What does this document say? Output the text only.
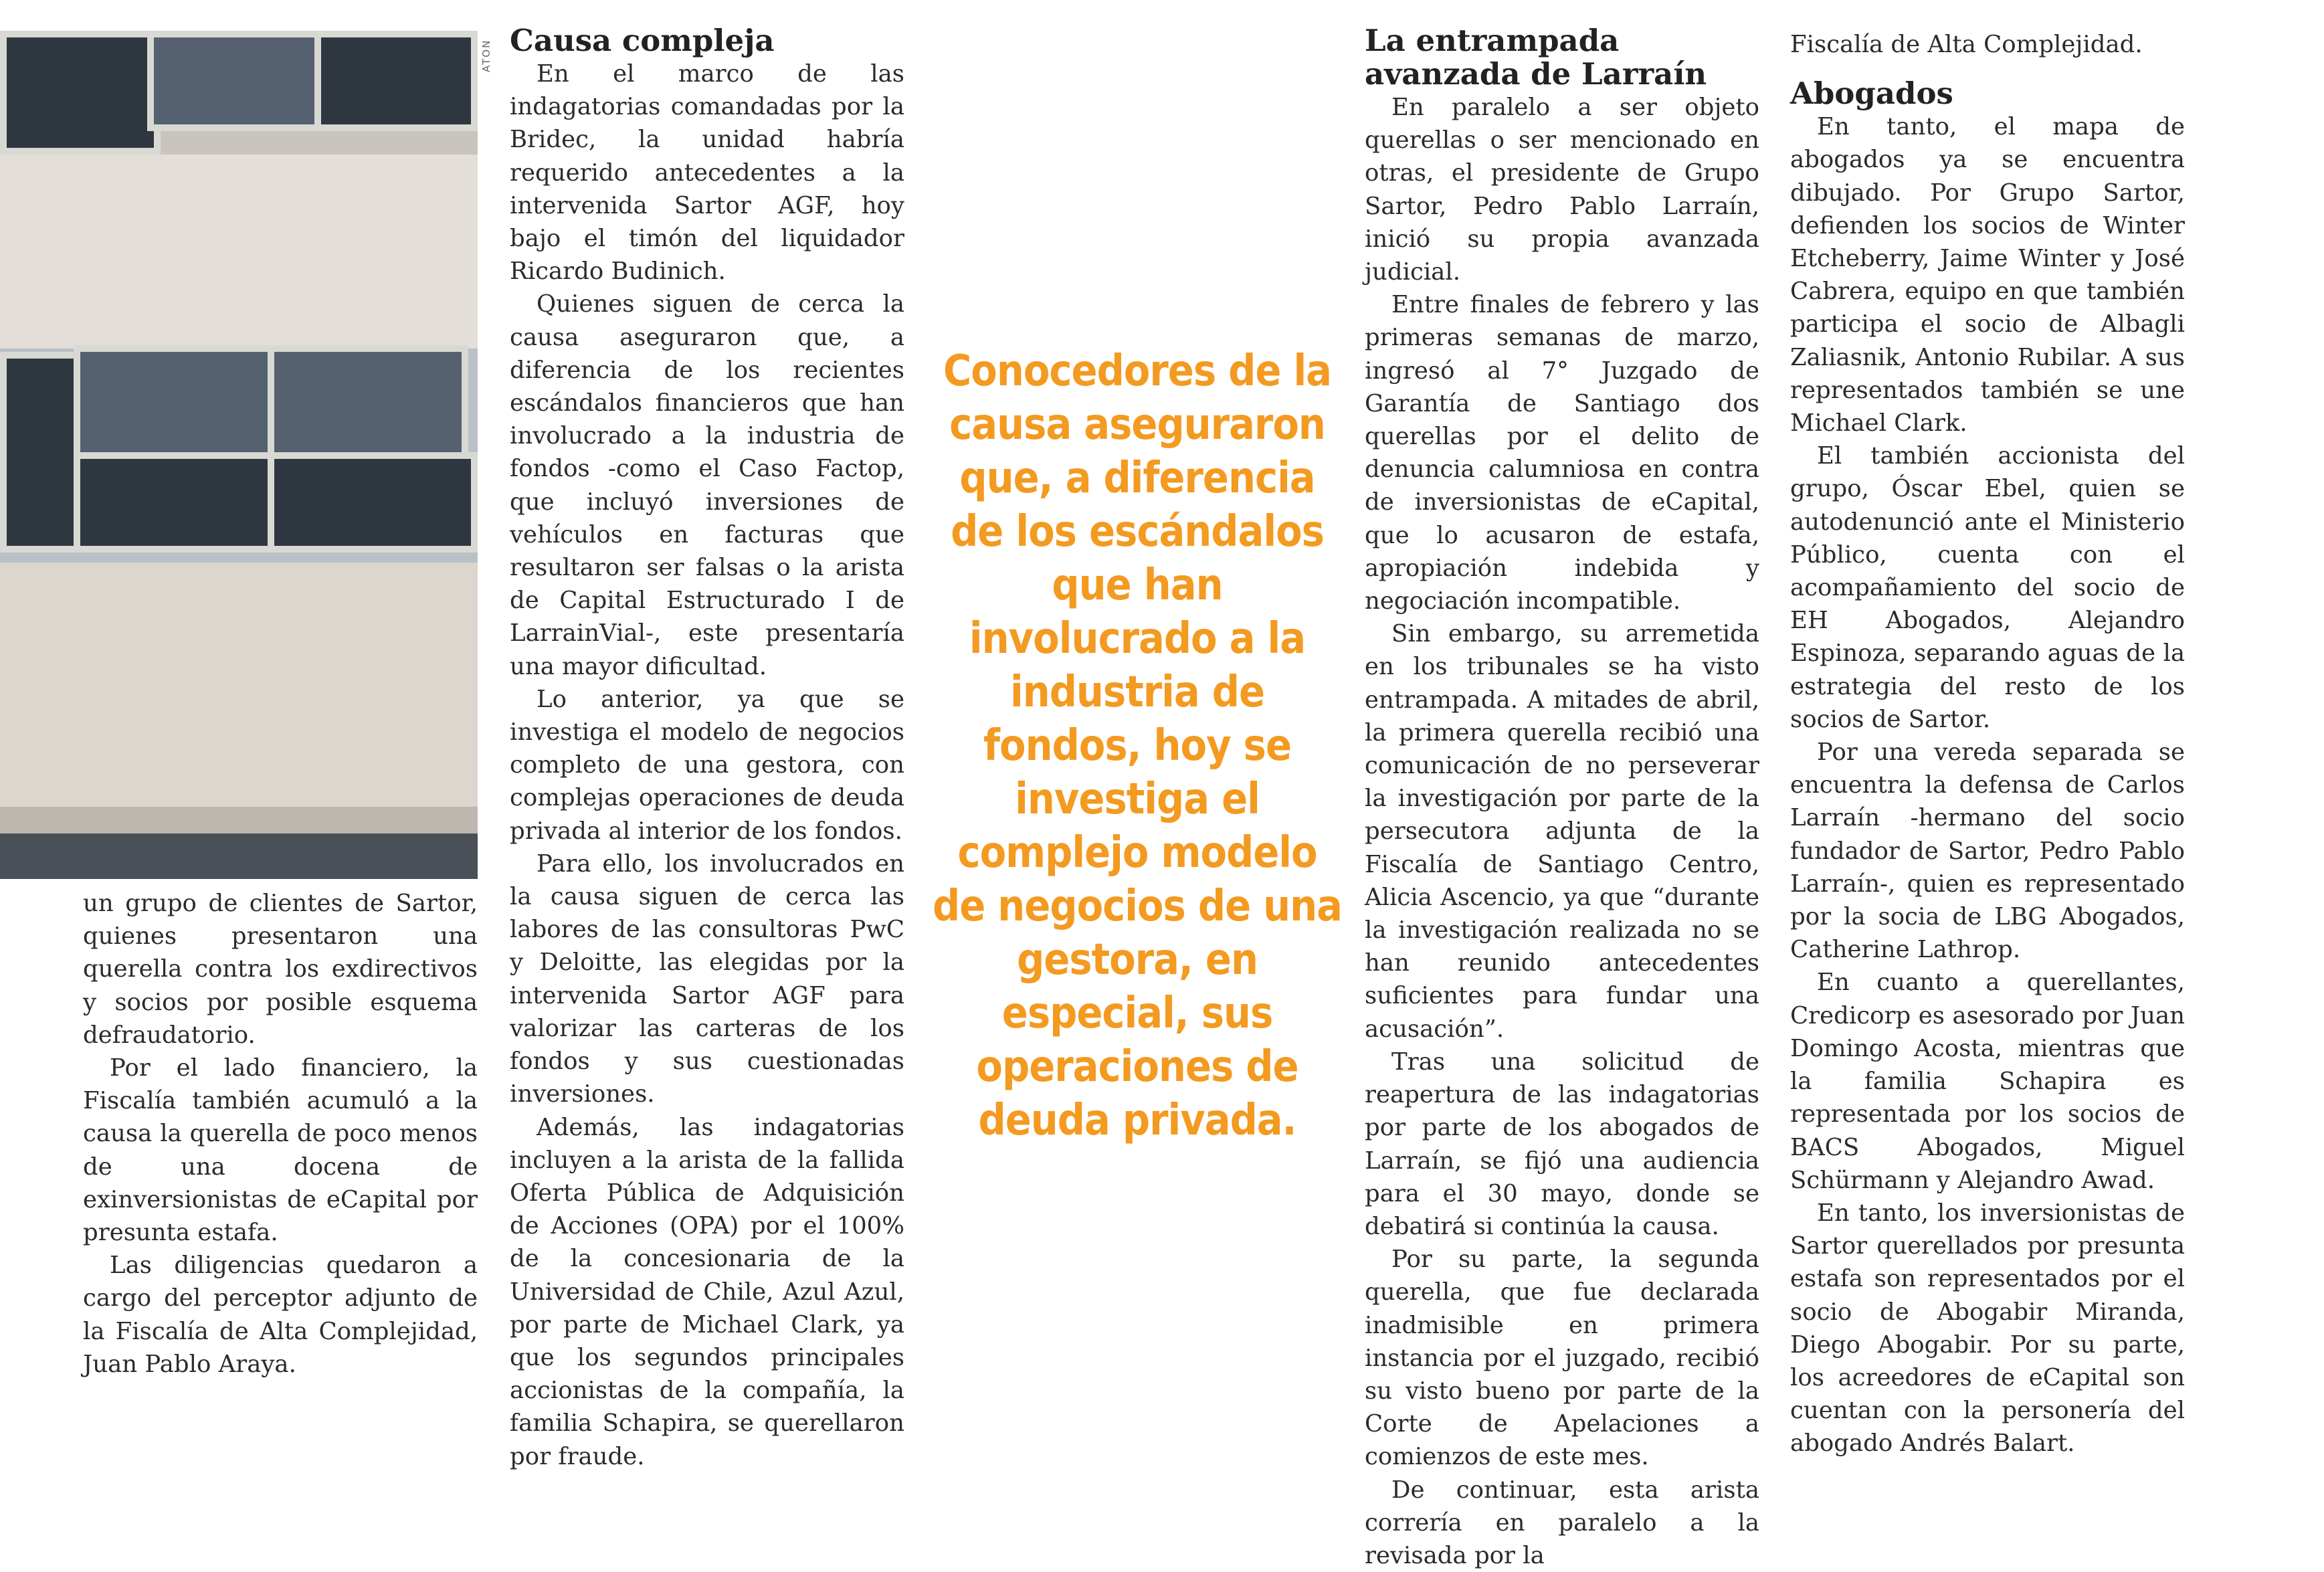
ATON

un grupo de clientes de Sartor, quienes presentaron una querella contra los exdirectivos y socios por posible esquema defraudatorio.

Por el lado financiero, la Fiscalía también acumuló a la causa la querella de poco menos de una docena de exinversionistas de eCapital por presunta estafa.

Las diligencias quedaron a cargo del perceptor adjunto de la Fiscalía de Alta Complejidad, Juan Pablo Araya.

Causa compleja

En el marco de las indagatorias comandadas por la Bridec, la unidad habría requerido antecedentes a la intervenida Sartor AGF, hoy bajo el timón del liquidador Ricardo Budinich.

Quienes siguen de cerca la causa aseguraron que, a diferencia de los recientes escándalos financieros que han involucrado a la industria de fondos -como el Caso Factop, que incluyó inversiones de vehículos en facturas que resultaron ser falsas o la arista de Capital Estructurado I de LarrainVial-, este presentaría una mayor dificultad.

Lo anterior, ya que se investiga el modelo de negocios completo de una gestora, con complejas operaciones de deuda privada al interior de los fondos.

Para ello, los involucrados en la causa siguen de cerca las labores de las consultoras PwC y Deloitte, las elegidas por la intervenida Sartor AGF para valorizar las carteras de los fondos y sus cuestionadas inversiones.

Además, las indagatorias incluyen a la arista de la fallida Oferta Pública de Adquisición de Acciones (OPA) por el 100% de la concesionaria de la Universidad de Chile, Azul Azul, por parte de Michael Clark, ya que los segundos principales accionistas de la compañía, la familia Schapira, se querellaron por fraude.

Conocedores de la causa aseguraron que, a diferencia de los escándalos que han involucrado a la industria de fondos, hoy se investiga el complejo modelo de negocios de una gestora, en especial, sus operaciones de deuda privada.
La entrampada avanzada de Larraín

En paralelo a ser objeto querellas o ser mencionado en otras, el presidente de Grupo Sartor, Pedro Pablo Larraín, inició su propia avanzada judicial.

Entre finales de febrero y las primeras semanas de marzo, ingresó al 7° Juzgado de Garantía de Santiago dos querellas por el delito de denuncia calumniosa en contra de inversionistas de eCapital, que lo acusaron de estafa, apropiación indebida y negociación incompatible.

Sin embargo, su arremetida en los tribunales se ha visto entrampada. A mitades de abril, la primera querella recibió una comunicación de no perseverar la investigación por parte de la persecutora adjunta de la Fiscalía de Santiago Centro, Alicia Ascencio, ya que “durante la investigación realizada no se han reunido antecedentes suficientes para fundar una acusación”.

Tras una solicitud de reapertura de las indagatorias por parte de los abogados de Larraín, se fijó una audiencia para el 30 mayo, donde se debatirá si continúa la causa.

Por su parte, la segunda querella, que fue declarada inadmisible en primera instancia por el juzgado, recibió su visto bueno por parte de la Corte de Apelaciones a comienzos de este mes.

De continuar, esta arista correría en paralelo a la revisada por la

Fiscalía de Alta Complejidad.

Abogados

En tanto, el mapa de abogados ya se encuentra dibujado. Por Grupo Sartor, defienden los socios de Winter Etcheberry, Jaime Winter y José Cabrera, equipo en que también participa el socio de Albagli Zaliasnik, Antonio Rubilar. A sus representados también se une Michael Clark.

El también accionista del grupo, Óscar Ebel, quien se autodenunció ante el Ministerio Público, cuenta con el acompañamiento del socio de EH Abogados, Alejandro Espinoza, separando aguas de la estrategia del resto de los socios de Sartor.

Por una vereda separada se encuentra la defensa de Carlos Larraín -hermano del socio fundador de Sartor, Pedro Pablo Larraín-, quien es representado por la socia de LBG Abogados, Catherine Lathrop.

En cuanto a querellantes, Credicorp es asesorado por Juan Domingo Acosta, mientras que la familia Schapira es representada por los socios de BACS Abogados, Miguel Schürmann y Alejandro Awad.

En tanto, los inversionistas de Sartor querellados por presunta estafa son representados por el socio de Abogabir Miranda, Diego Abogabir. Por su parte, los acreedores de eCapital son cuentan con la personería del abogado Andrés Balart.
